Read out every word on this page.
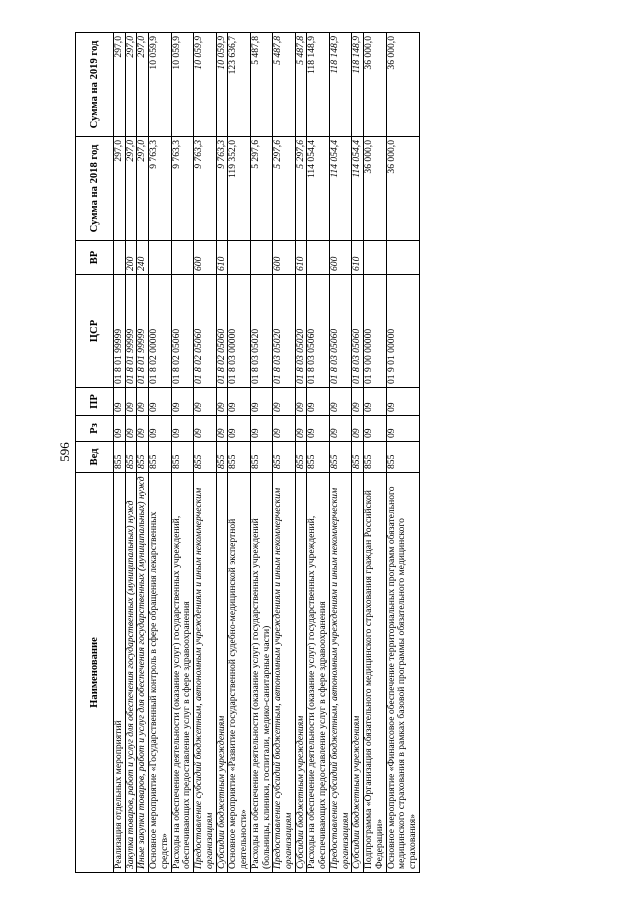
596
Наименование	Вед	Рз	ПР	ЦСР	ВР	Сумма на 2018 год	Сумма на 2019 год
Реализация отдельных мероприятий	855	09	09	01 8 01 99999		297,0	297,0
Закупка товаров, работ и услуг для обеспечения государственных (муниципальных) нужд	855	09	09	01 8 01 99999	200	297,0	297,0
Иные закупки товаров, работ и услуг для обеспечения государственных (муниципальных) нужд	855	09	09	01 8 01 99999	240	297,0	297,0
Основное мероприятие «Государственный контроль в сфере обращения лекарственных средств»	855	09	09	01 8 02 00000		9 763,3	10 059,9
Расходы на обеспечение деятельности (оказание услуг) государственных учреждений, обеспечивающих предоставление услуг в сфере здравоохранения	855	09	09	01 8 02 05060		9 763,3	10 059,9
Предоставление субсидий бюджетным, автономным учреждениям и иным некоммерческим организациям	855	09	09	01 8 02 05060	600	9 763,3	10 059,9
Субсидии бюджетным учреждениям	855	09	09	01 8 02 05060	610	9 763,3	10 059,9
Основное мероприятие «Развитие государственной судебно-медицинской экспертной деятельности»	855	09	09	01 8 03 00000		119 352,0	123 636,7
Расходы на обеспечение деятельности (оказание услуг) государственных учреждений (больницы, клиники, госпитали, медико-санитарные части)	855	09	09	01 8 03 05020		5 297,6	5 487,8
Предоставление субсидий бюджетным, автономным учреждениям и иным некоммерческим организациям	855	09	09	01 8 03 05020	600	5 297,6	5 487,8
Субсидии бюджетным учреждениям	855	09	09	01 8 03 05020	610	5 297,6	5 487,8
Расходы на обеспечение деятельности (оказание услуг) государственных учреждений, обеспечивающих предоставление услуг в сфере здравоохранения	855	09	09	01 8 03 05060		114 054,4	118 148,9
Предоставление субсидий бюджетным, автономным учреждениям и иным некоммерческим организациям	855	09	09	01 8 03 05060	600	114 054,4	118 148,9
Субсидии бюджетным учреждениям	855	09	09	01 8 03 05060	610	114 054,4	118 148,9
Подпрограмма «Организация обязательного медицинского страхования граждан Российской Федерации»	855	09	09	01 9 00 00000		36 000,0	36 000,0
Основное мероприятие «Финансовое обеспечение территориальных программ обязательного медицинского страхования в рамках базовой программы обязательного медицинского страхования»	855	09	09	01 9 01 00000		36 000,0	36 000,0
